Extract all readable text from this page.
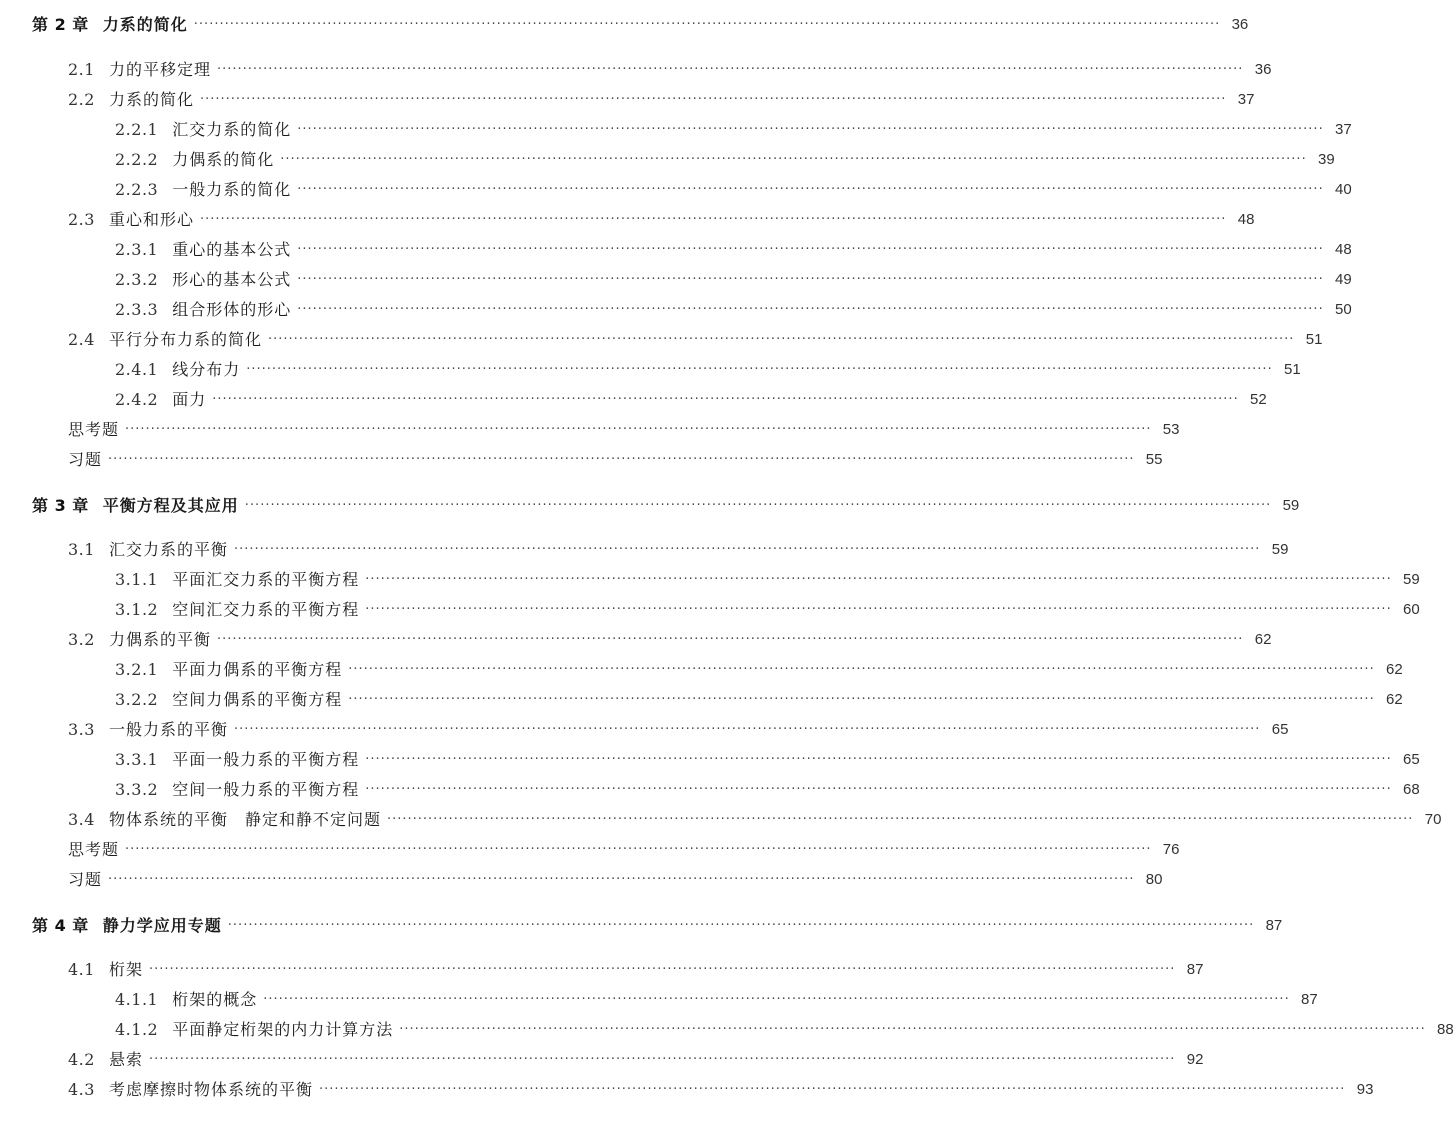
第 2 章 力系的简化 ········································································································································································································ 36
2.1 力的平移定理 ········································································································································································································ 36
2.2 力系的简化 ········································································································································································································ 37
2.2.1 汇交力系的简化 ········································································································································································································ 37
2.2.2 力偶系的简化 ········································································································································································································ 39
2.2.3 一般力系的简化 ········································································································································································································ 40
2.3 重心和形心 ········································································································································································································ 48
2.3.1 重心的基本公式 ········································································································································································································ 48
2.3.2 形心的基本公式 ········································································································································································································ 49
2.3.3 组合形体的形心 ········································································································································································································ 50
2.4 平行分布力系的简化 ········································································································································································································ 51
2.4.1 线分布力 ········································································································································································································ 51
2.4.2 面力 ········································································································································································································ 52
思考题 ········································································································································································································ 53
习题 ········································································································································································································ 55
第 3 章 平衡方程及其应用 ········································································································································································································ 59
3.1 汇交力系的平衡 ········································································································································································································ 59
3.1.1 平面汇交力系的平衡方程 ········································································································································································································ 59
3.1.2 空间汇交力系的平衡方程 ········································································································································································································ 60
3.2 力偶系的平衡 ········································································································································································································ 62
3.2.1 平面力偶系的平衡方程 ········································································································································································································ 62
3.2.2 空间力偶系的平衡方程 ········································································································································································································ 62
3.3 一般力系的平衡 ········································································································································································································ 65
3.3.1 平面一般力系的平衡方程 ········································································································································································································ 65
3.3.2 空间一般力系的平衡方程 ········································································································································································································ 68
3.4 物体系统的平衡　静定和静不定问题 ········································································································································································································ 70
思考题 ········································································································································································································ 76
习题 ········································································································································································································ 80
第 4 章 静力学应用专题 ········································································································································································································ 87
4.1 桁架 ········································································································································································································ 87
4.1.1 桁架的概念 ········································································································································································································ 87
4.1.2 平面静定桁架的内力计算方法 ········································································································································································································ 88
4.2 悬索 ········································································································································································································ 92
4.3 考虑摩擦时物体系统的平衡 ········································································································································································································ 93
